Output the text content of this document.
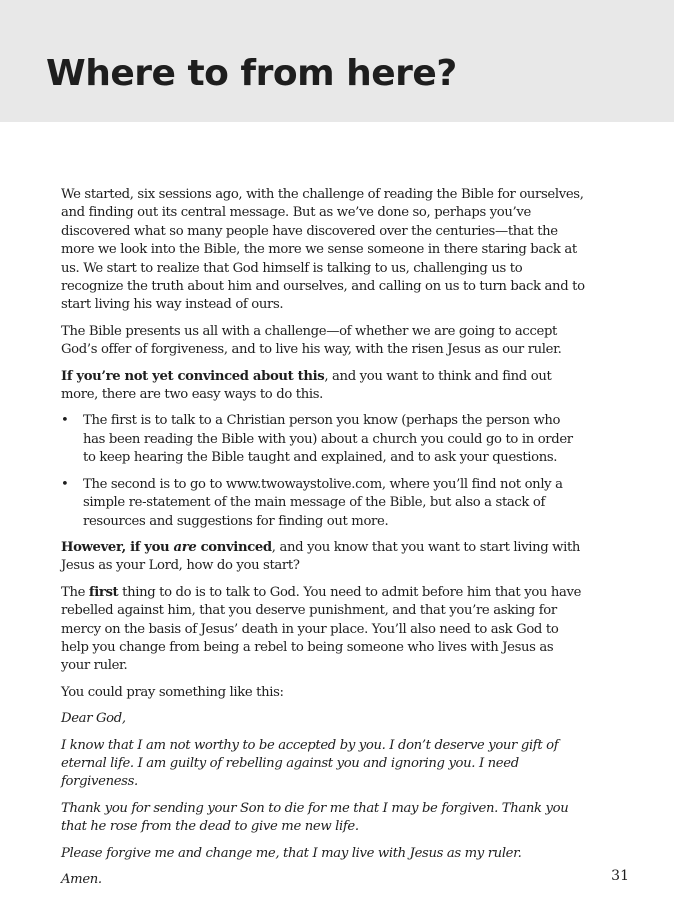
Where to from here?

We started, six sessions ago, with the challenge of reading the Bible for ourselves, and finding out its central message. But as we’ve done so, perhaps you’ve discovered what so many people have discovered over the centuries—that the more we look into the Bible, the more we sense someone in there staring back at us. We start to realize that God himself is talking to us, challenging us to recognize the truth about him and ourselves, and calling on us to turn back and to start living his way instead of ours.

The Bible presents us all with a challenge—of whether we are going to accept God’s offer of forgiveness, and to live his way, with the risen Jesus as our ruler.

If you’re not yet convinced about this, and you want to think and find out more, there are two easy ways to do this.

• The first is to talk to a Christian person you know (perhaps the person who has been reading the Bible with you) about a church you could go to in order to keep hearing the Bible taught and explained, and to ask your questions.
• The second is to go to www.twowaystolive.com, where you’ll find not only a simple re-statement of the main message of the Bible, but also a stack of resources and suggestions for finding out more.

However, if you are convinced, and you know that you want to start living with Jesus as your Lord, how do you start?

The first thing to do is to talk to God. You need to admit before him that you have rebelled against him, that you deserve punishment, and that you’re asking for mercy on the basis of Jesus’ death in your place. You’ll also need to ask God to help you change from being a rebel to being someone who lives with Jesus as your ruler.

You could pray something like this:

Dear God,

I know that I am not worthy to be accepted by you. I don’t deserve your gift of eternal life. I am guilty of rebelling against you and ignoring you. I need forgiveness.

Thank you for sending your Son to die for me that I may be forgiven. Thank you that he rose from the dead to give me new life.

Please forgive me and change me, that I may live with Jesus as my ruler.

Amen.	31
